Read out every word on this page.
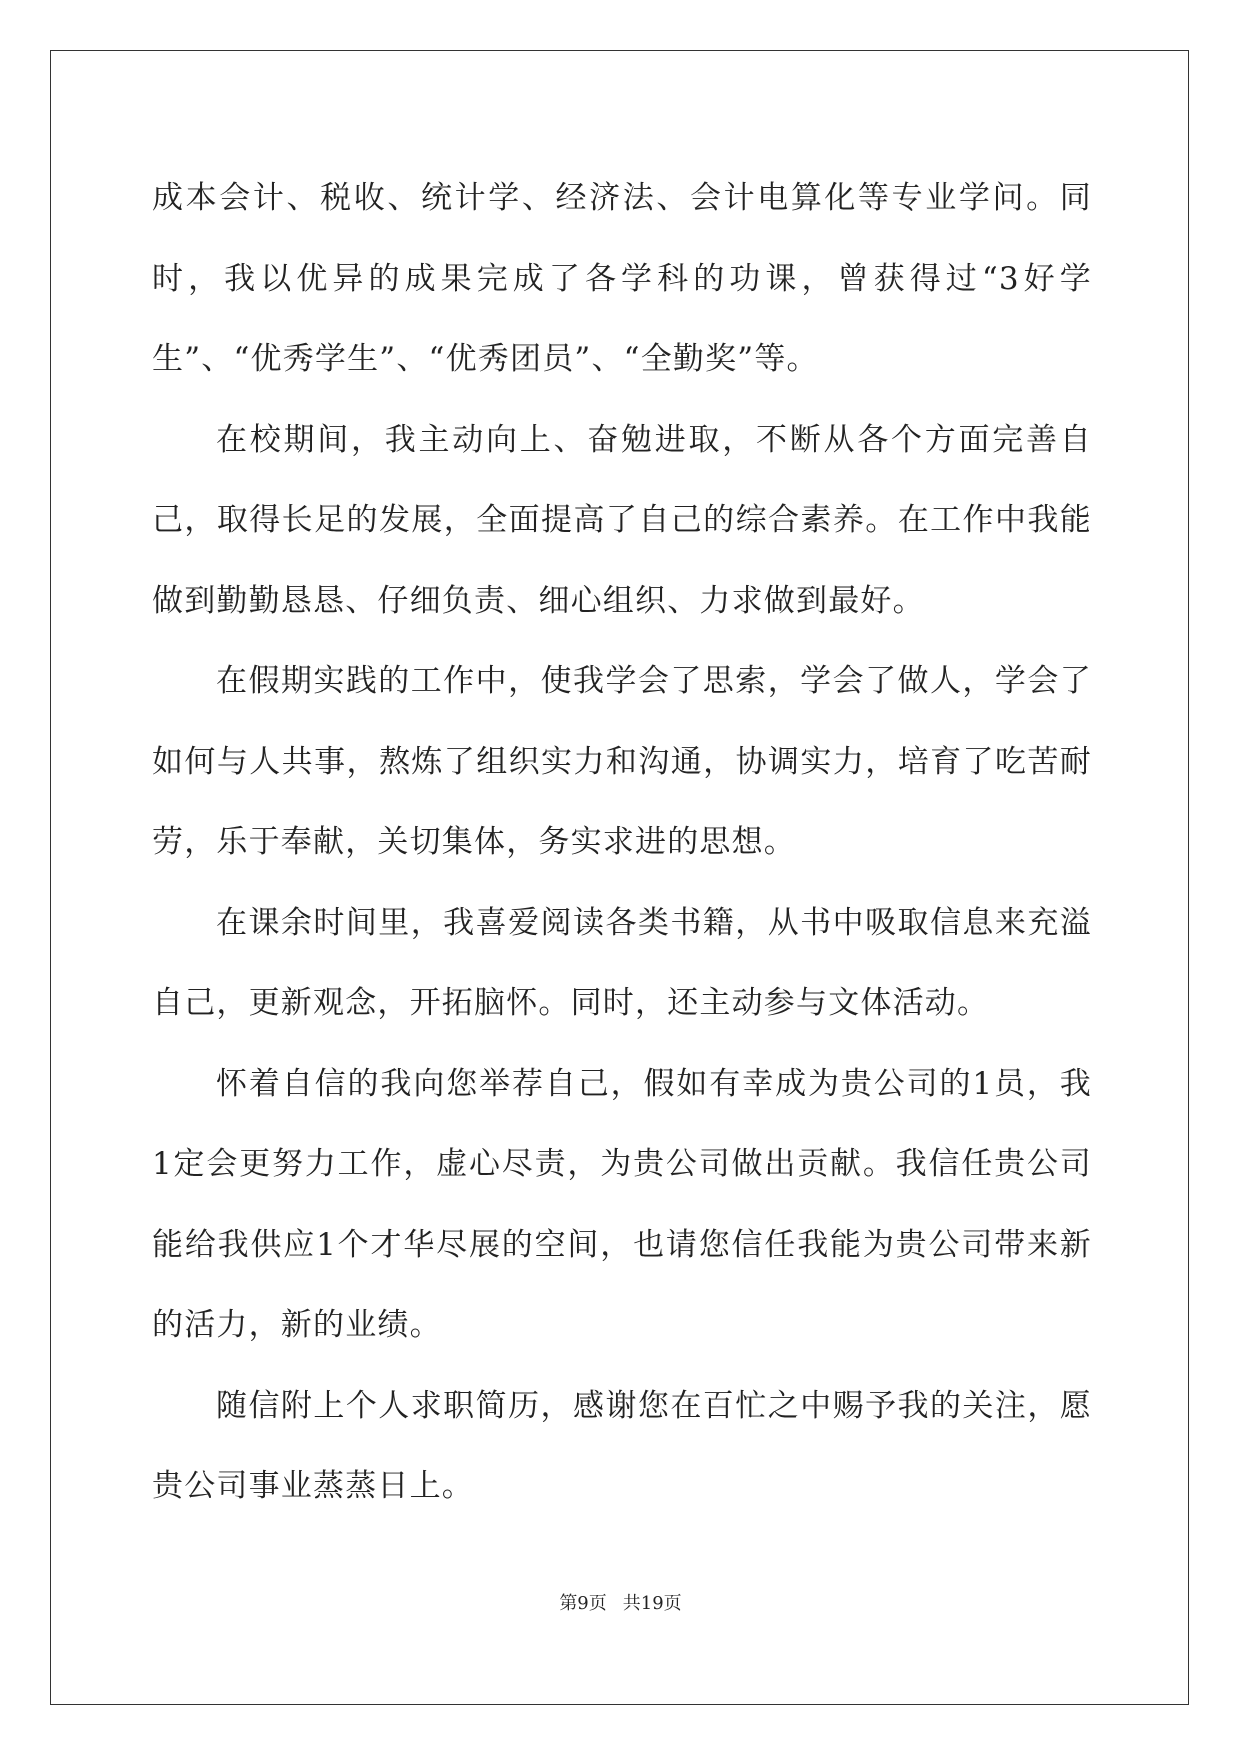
成本会计、税收、统计学、经济法、会计电算化等专业学问。同时，我以优异的成果完成了各学科的功课，曾获得过“3好学生”、“优秀学生”、“优秀团员”、“全勤奖”等。

在校期间，我主动向上、奋勉进取，不断从各个方面完善自己，取得长足的发展，全面提高了自己的综合素养。在工作中我能做到勤勤恳恳、仔细负责、细心组织、力求做到最好。

在假期实践的工作中，使我学会了思索，学会了做人，学会了如何与人共事，熬炼了组织实力和沟通，协调实力，培育了吃苦耐劳，乐于奉献，关切集体，务实求进的思想。

在课余时间里，我喜爱阅读各类书籍，从书中吸取信息来充溢自己，更新观念，开拓脑怀。同时，还主动参与文体活动。

怀着自信的我向您举荐自己，假如有幸成为贵公司的1员，我1定会更努力工作，虚心尽责，为贵公司做出贡献。我信任贵公司能给我供应1个才华尽展的空间，也请您信任我能为贵公司带来新的活力，新的业绩。

随信附上个人求职简历，感谢您在百忙之中赐予我的关注，愿贵公司事业蒸蒸日上。

第9页 共19页
